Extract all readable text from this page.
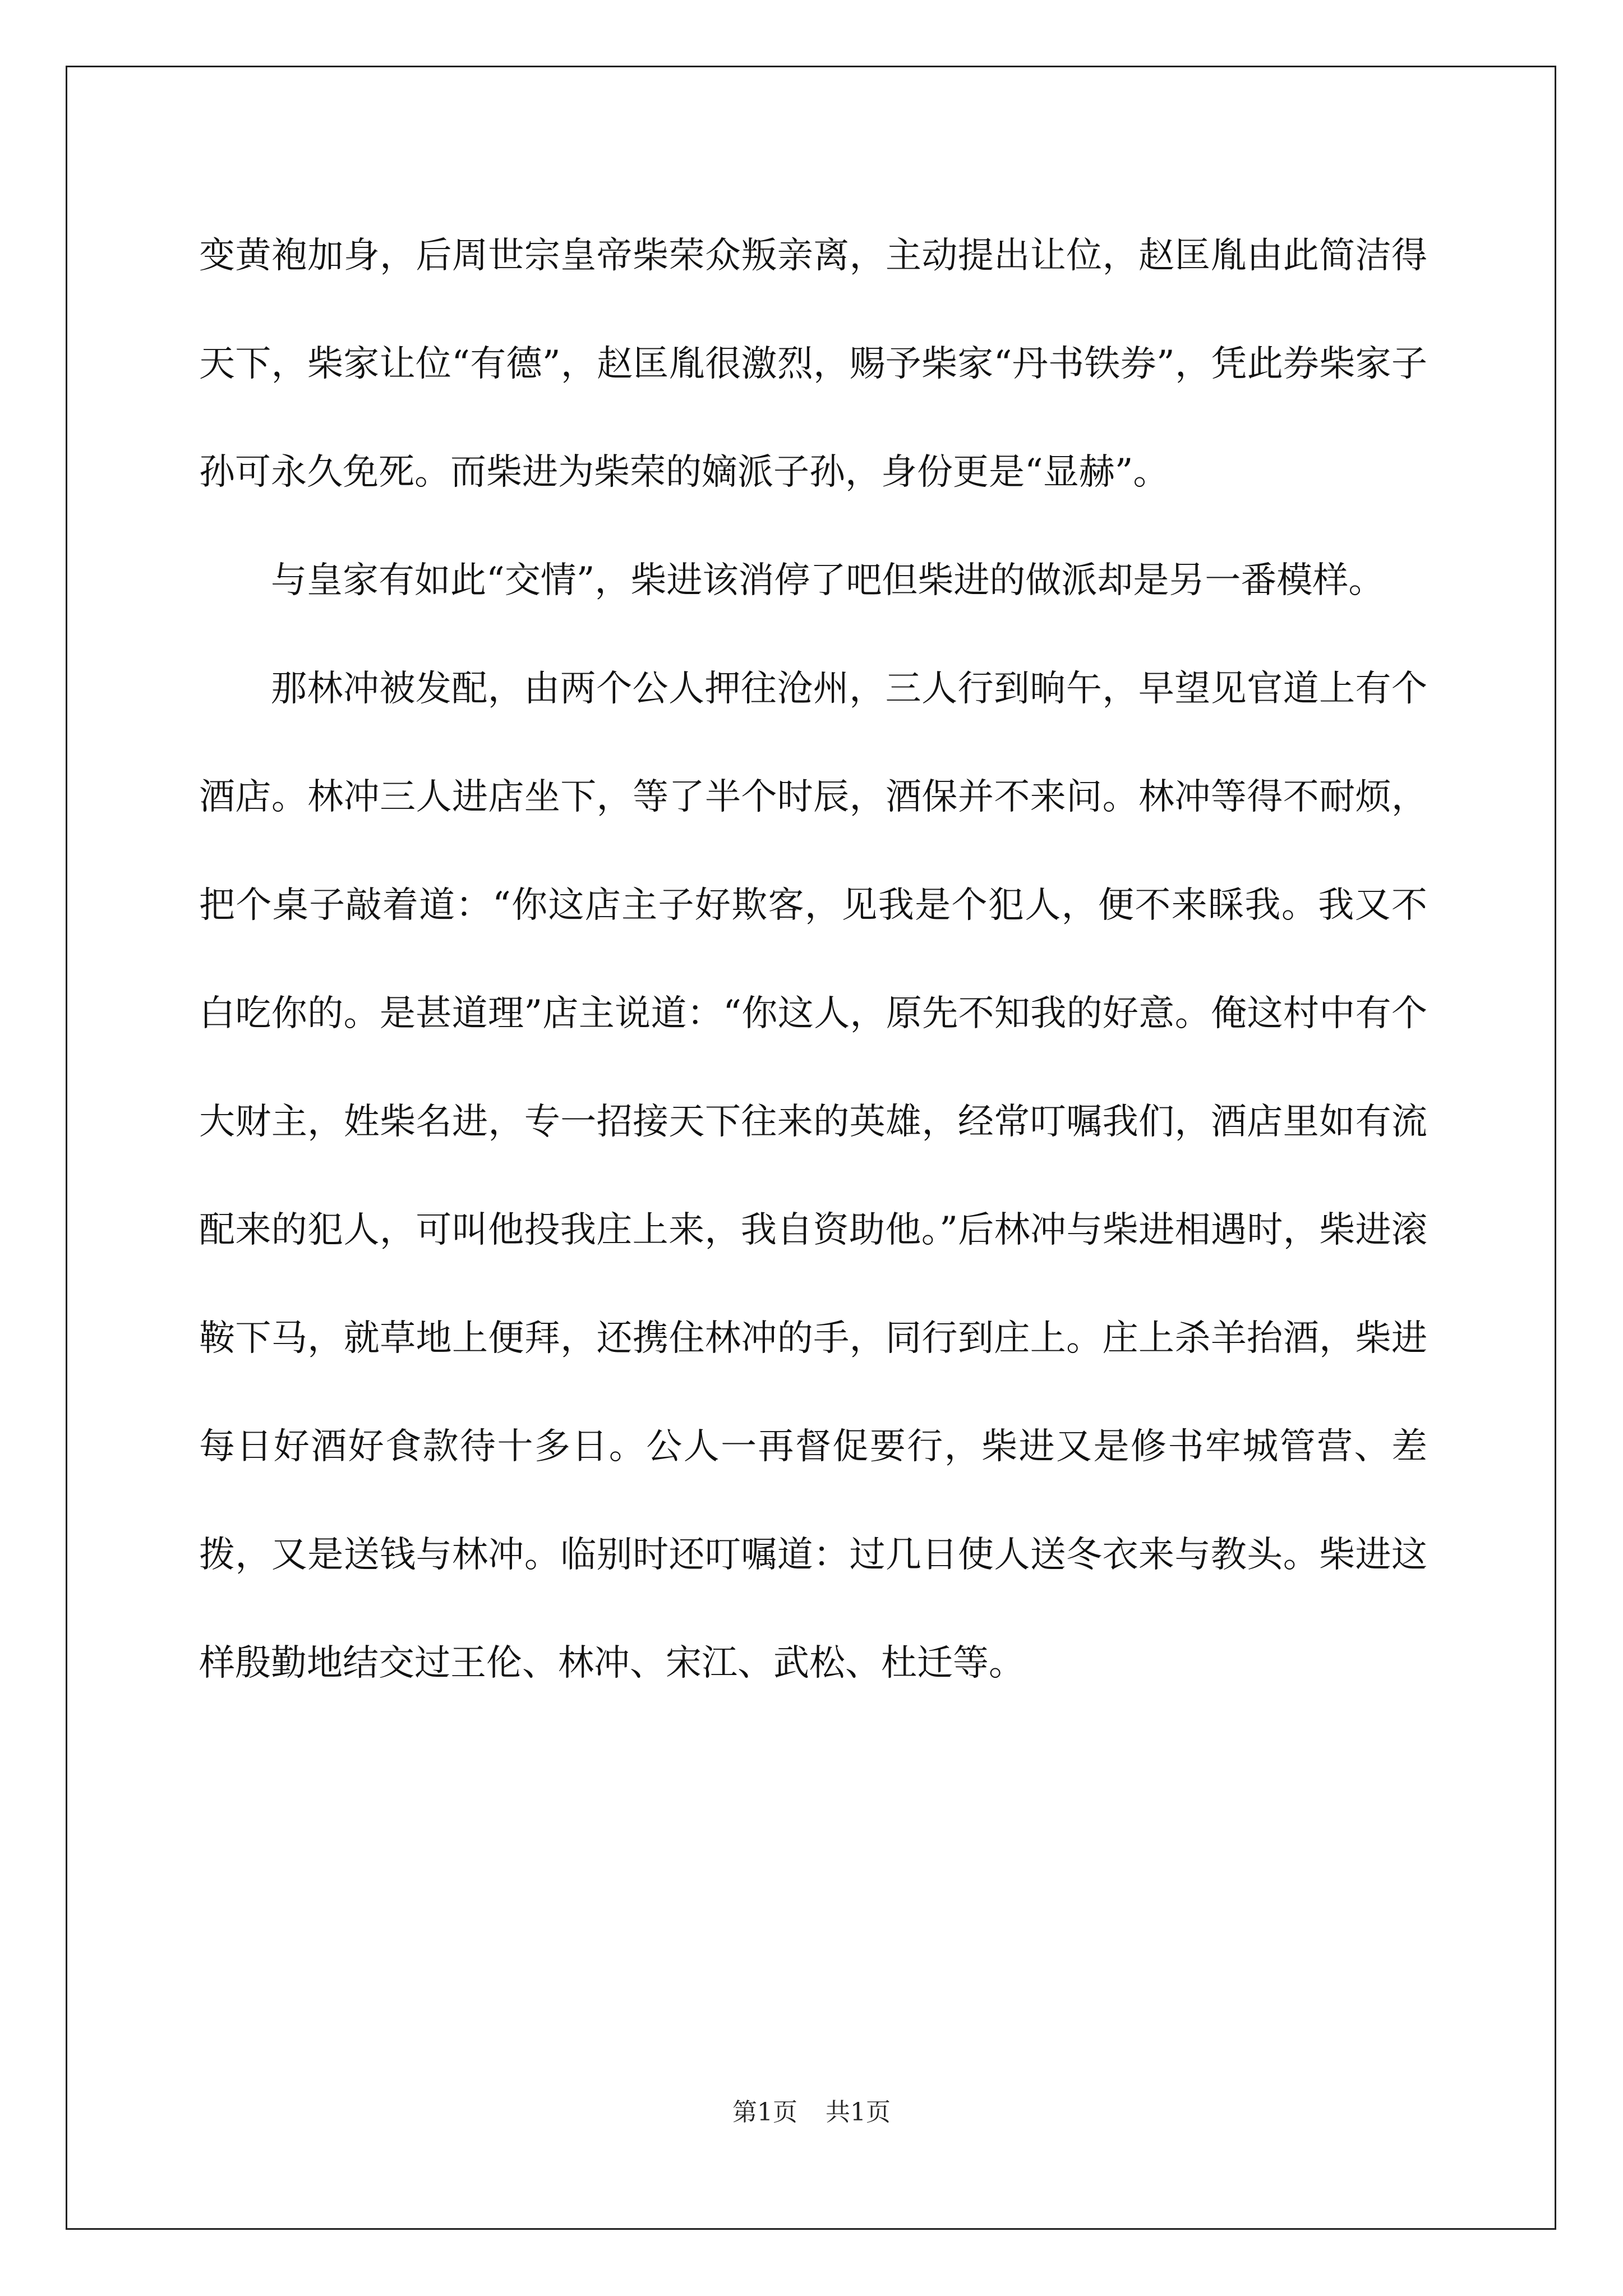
变黄袍加身，后周世宗皇帝柴荣众叛亲离，主动提出让位，赵匡胤由此简洁得天下，柴家让位“有德”，赵匡胤很激烈，赐予柴家“丹书铁券”，凭此券柴家子孙可永久免死。而柴进为柴荣的嫡派子孙，身份更是“显赫”。

与皇家有如此“交情”，柴进该消停了吧但柴进的做派却是另一番模样。

那林冲被发配，由两个公人押往沧州，三人行到晌午，早望见官道上有个酒店。林冲三人进店坐下，等了半个时辰，酒保并不来问。林冲等得不耐烦，把个桌子敲着道：“你这店主子好欺客，见我是个犯人，便不来睬我。我又不白吃你的。是甚道理”店主说道：“你这人，原先不知我的好意。俺这村中有个大财主，姓柴名进，专一招接天下往来的英雄，经常叮嘱我们，酒店里如有流配来的犯人，可叫他投我庄上来，我自资助他。”后林冲与柴进相遇时，柴进滚鞍下马，就草地上便拜，还携住林冲的手，同行到庄上。庄上杀羊抬酒，柴进每日好酒好食款待十多日。公人一再督促要行，柴进又是修书牢城管营、差拨，又是送钱与林冲。临别时还叮嘱道：过几日使人送冬衣来与教头。柴进这样殷勤地结交过王伦、林冲、宋江、武松、杜迁等。

第1页 共1页
